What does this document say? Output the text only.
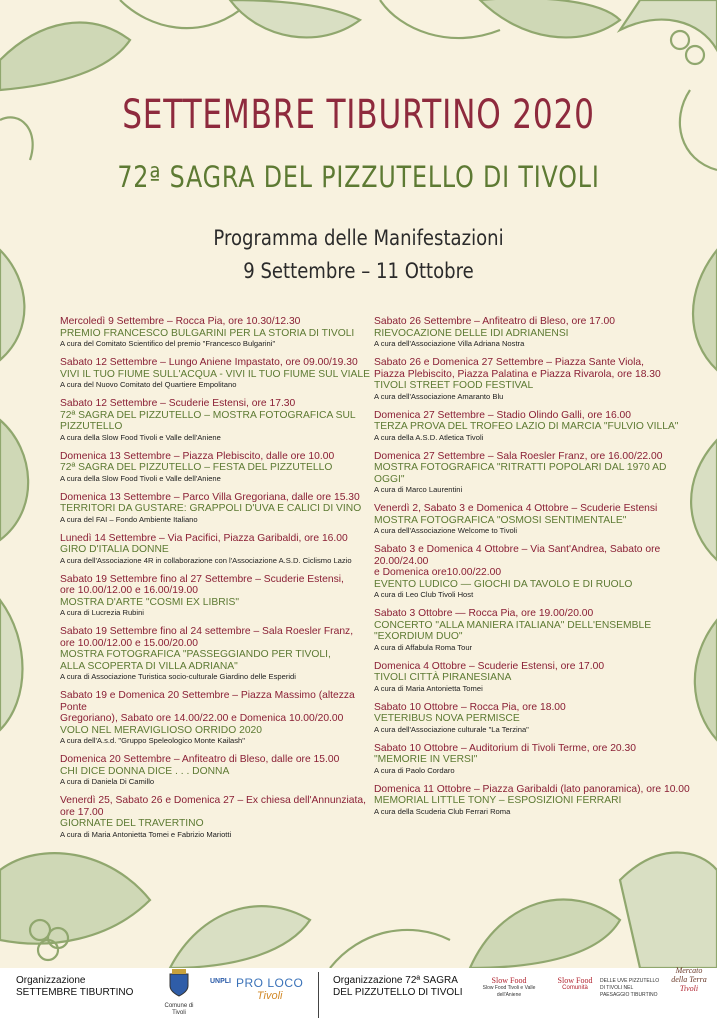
SETTEMBRE TIBURTINO 2020
72ª SAGRA DEL PIZZUTELLO DI TIVOLI
Programma delle Manifestazioni
9 Settembre – 11 Ottobre
Mercoledì 9 Settembre – Rocca Pia, ore 10.30/12.30
PREMIO FRANCESCO BULGARINI PER LA STORIA DI TIVOLI
A cura del Comitato Scientifico del premio "Francesco Bulgarini"
Sabato 12 Settembre – Lungo Aniene Impastato, ore 09.00/19.30
VIVI IL TUO FIUME SULL'ACQUA - VIVI IL TUO FIUME SUL VIALE
A cura del Nuovo Comitato del Quartiere Empolitano
Sabato 12 Settembre – Scuderie Estensi, ore 17.30
72ª SAGRA DEL PIZZUTELLO – MOSTRA FOTOGRAFICA SUL PIZZUTELLO
A cura della Slow Food Tivoli e Valle dell'Aniene
Domenica 13 Settembre – Piazza Plebiscito, dalle ore 10.00
72ª SAGRA DEL PIZZUTELLO – FESTA DEL PIZZUTELLO
A cura della Slow Food Tivoli e Valle dell'Aniene
Domenica 13 Settembre – Parco Villa Gregoriana, dalle ore 15.30
TERRITORI DA GUSTARE: GRAPPOLI D'UVA E CALICI DI VINO
A cura del FAI – Fondo Ambiente Italiano
Lunedì 14 Settembre – Via Pacifici, Piazza Garibaldi, ore 16.00
GIRO D'ITALIA DONNE
A cura dell'Associazione 4R in collaborazione con l'Associazione A.S.D. Ciclismo Lazio
Sabato 19 Settembre fino al 27 Settembre – Scuderie Estensi,
ore 10.00/12.00 e 16.00/19.00
MOSTRA D'ARTE "COSMI EX LIBRIS"
A cura di Lucrezia Rubini
Sabato 19 Settembre fino al 24 settembre – Sala Roesler Franz,
ore 10.00/12.00 e 15.00/20.00
MOSTRA FOTOGRAFICA "PASSEGGIANDO PER TIVOLI,
ALLA SCOPERTA DI VILLA ADRIANA"
A cura di Associazione Turistica socio-culturale Giardino delle Esperidi
Sabato 19 e Domenica 20 Settembre – Piazza Massimo (altezza Ponte
Gregoriano), Sabato ore 14.00/22.00 e Domenica 10.00/20.00
VOLO NEL MERAVIGLIOSO ORRIDO 2020
A cura dell'A.s.d. "Gruppo Speleologico Monte Kailash"
Domenica 20 Settembre – Anfiteatro di Bleso, dalle ore 15.00
CHI DICE DONNA DICE . . . DONNA
A cura di Daniela Di Camillo
Venerdì 25, Sabato 26 e Domenica 27 – Ex chiesa dell'Annunziata, ore 17.00
GIORNATE DEL TRAVERTINO
A cura di Maria Antonietta Tomei e Fabrizio Mariotti
Sabato 26 Settembre – Anfiteatro di Bleso, ore 17.00
RIEVOCAZIONE DELLE IDI ADRIANENSI
A cura dell'Associazione Villa Adriana Nostra
Sabato 26 e Domenica 27 Settembre – Piazza Sante Viola,
Piazza Plebiscito, Piazza Palatina e Piazza Rivarola, ore 18.30
TIVOLI STREET FOOD FESTIVAL
A cura dell'Associazione Amaranto Blu
Domenica 27 Settembre – Stadio Olindo Galli, ore 16.00
TERZA PROVA DEL TROFEO LAZIO DI MARCIA "FULVIO VILLA"
A cura della A.S.D. Atletica Tivoli
Domenica 27 Settembre – Sala Roesler Franz, ore 16.00/22.00
MOSTRA FOTOGRAFICA "RITRATTI POPOLARI DAL 1970 AD OGGI"
A cura di Marco Laurentini
Venerdì 2, Sabato 3 e Domenica 4 Ottobre – Scuderie Estensi
MOSTRA FOTOGRAFICA "OSMOSI SENTIMENTALE"
A cura dell'Associazione Welcome to Tivoli
Sabato 3 e Domenica 4 Ottobre – Via Sant'Andrea, Sabato ore 20.00/24.00
e Domenica ore10.00/22.00
EVENTO LUDICO — GIOCHI DA TAVOLO E DI RUOLO
A cura di Leo Club Tivoli Host
Sabato 3 Ottobre — Rocca Pia, ore 19.00/20.00
CONCERTO "ALLA MANIERA ITALIANA" DELL'ENSEMBLE "EXORDIUM DUO"
A cura di Affabula Roma Tour
Domenica 4 Ottobre – Scuderie Estensi, ore 17.00
TIVOLI CITTÀ PIRANESIANA
A cura di Maria Antonietta Tomei
Sabato 10 Ottobre – Rocca Pia, ore 18.00
VETERIBUS NOVA PERMISCE
A cura dell'Associazione culturale "La Terzina"
Sabato 10 Ottobre – Auditorium di Tivoli Terme, ore 20.30
"MEMORIE IN VERSI"
A cura di Paolo Cordaro
Domenica 11 Ottobre – Piazza Garibaldi (lato panoramica), ore 10.00
MEMORIAL LITTLE TONY – ESPOSIZIONI FERRARI
A cura della Scuderia Club Ferrari Roma
Organizzazione
SETTEMBRE TIBURTINO
Comune di Tivoli
UNPLI PRO LOCO
Tivoli
Organizzazione 72ª SAGRA
DEL PIZZUTELLO DI TIVOLI
Slow Food
Slow Food Tivoli e Valle dell'Aniene
Slow Food
Comunità
DELLE UVE PIZZUTELLO DI TIVOLI NEL PAESAGGIO TIBURTINO
Mercato
della Terra
Tivoli
